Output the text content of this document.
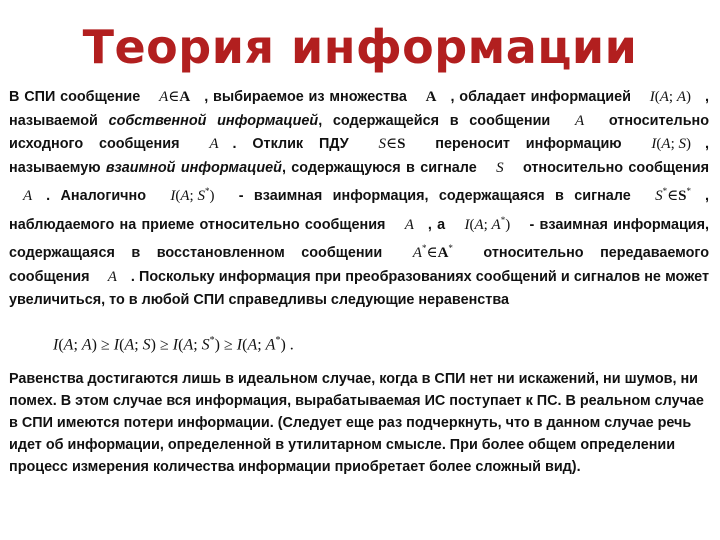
Теория информации

В СПИ сообщение A∈A , выбираемое из множества A , обладает информацией I(A; A) , называемой собственной информацией, содержащейся в сообщении A относительно исходного сообщения A . Отклик ПДУ S∈S переносит информацию I(A; S) , называемую взаимной информацией, содержащуюся в сигнале S относительно сообщения A . Аналогично I(A; S*) - взаимная информация, содержащаяся в сигнале S*∈S* , наблюдаемого на приеме относительно сообщения A , а I(A; A*) - взаимная информация, содержащаяся в восстановленном сообщении A*∈A* относительно передаваемого сообщения A . Поскольку информация при преобразованиях сообщений и сигналов не может увеличиться, то в любой СПИ справедливы следующие неравенства

I(A; A) ≥ I(A; S) ≥ I(A; S*) ≥ I(A; A*) .

Равенства достигаются лишь в идеальном случае, когда в СПИ нет ни искажений, ни шумов, ни помех. В этом случае вся информация, вырабатываемая ИС поступает к ПС. В реальном случае в СПИ имеются потери информации. (Следует еще раз подчеркнуть, что в данном случае речь идет об информации, определенной в утилитарном смысле. При более общем определении процесс измерения количества информации приобретает более сложный вид).
